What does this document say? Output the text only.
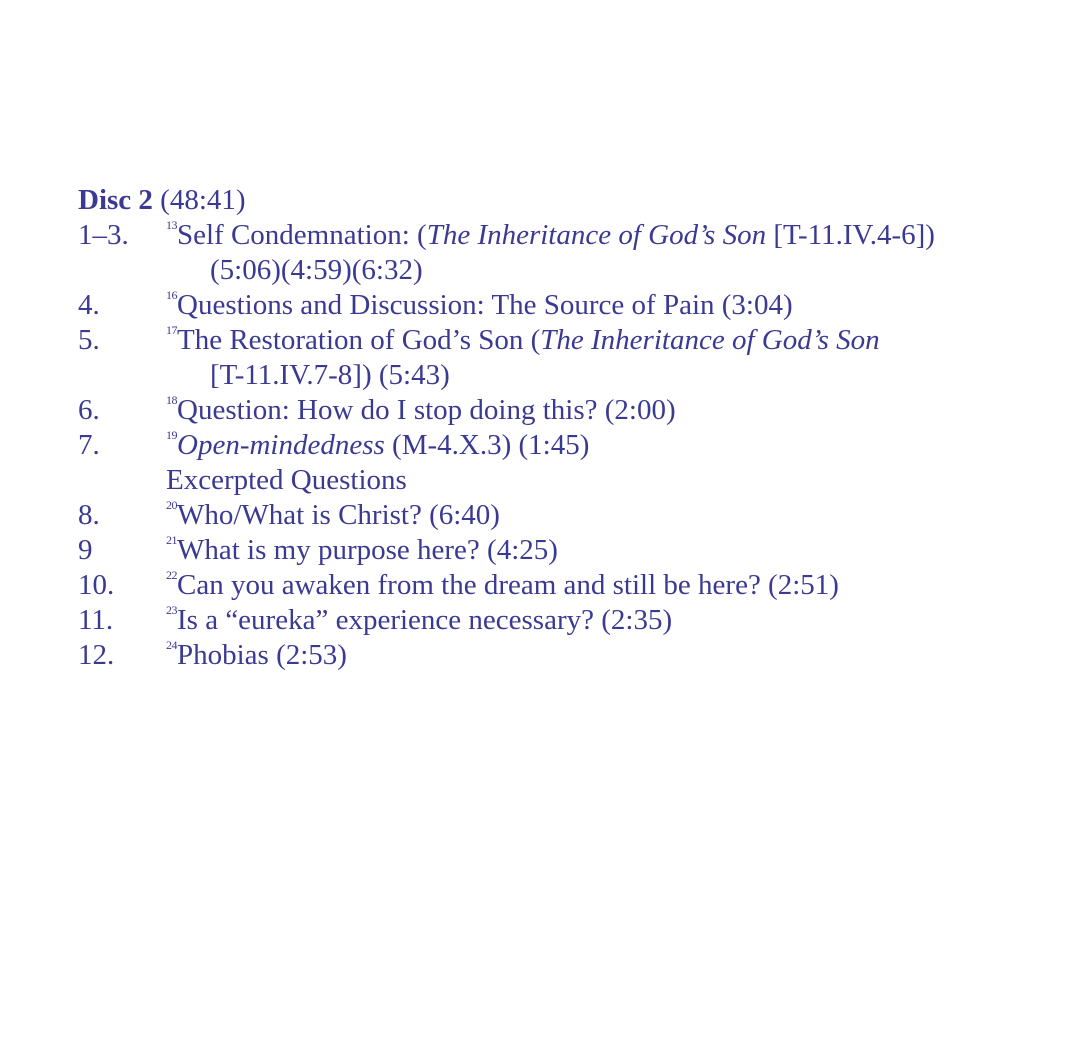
Disc 2 (48:41)
1–3.	$^{13}$Self Condemnation: (The Inheritance of God’s Son [T-11.IV.4-6])
(5:06)(4:59)(6:32)
4.	$^{16}$Questions and Discussion: The Source of Pain (3:04)
5.	$^{17}$The Restoration of God’s Son (The Inheritance of God’s Son
[T-11.IV.7-8]) (5:43)
6.	$^{18}$Question: How do I stop doing this? (2:00)
7.	$^{19}$Open-mindedness (M-4.X.3) (1:45)
Excerpted Questions
8.	$^{20}$Who/What is Christ? (6:40)
9	$^{21}$What is my purpose here? (4:25)
10.	$^{22}$Can you awaken from the dream and still be here? (2:51)
11.	$^{23}$Is a “eureka” experience necessary? (2:35)
12.	$^{24}$Phobias (2:53)
